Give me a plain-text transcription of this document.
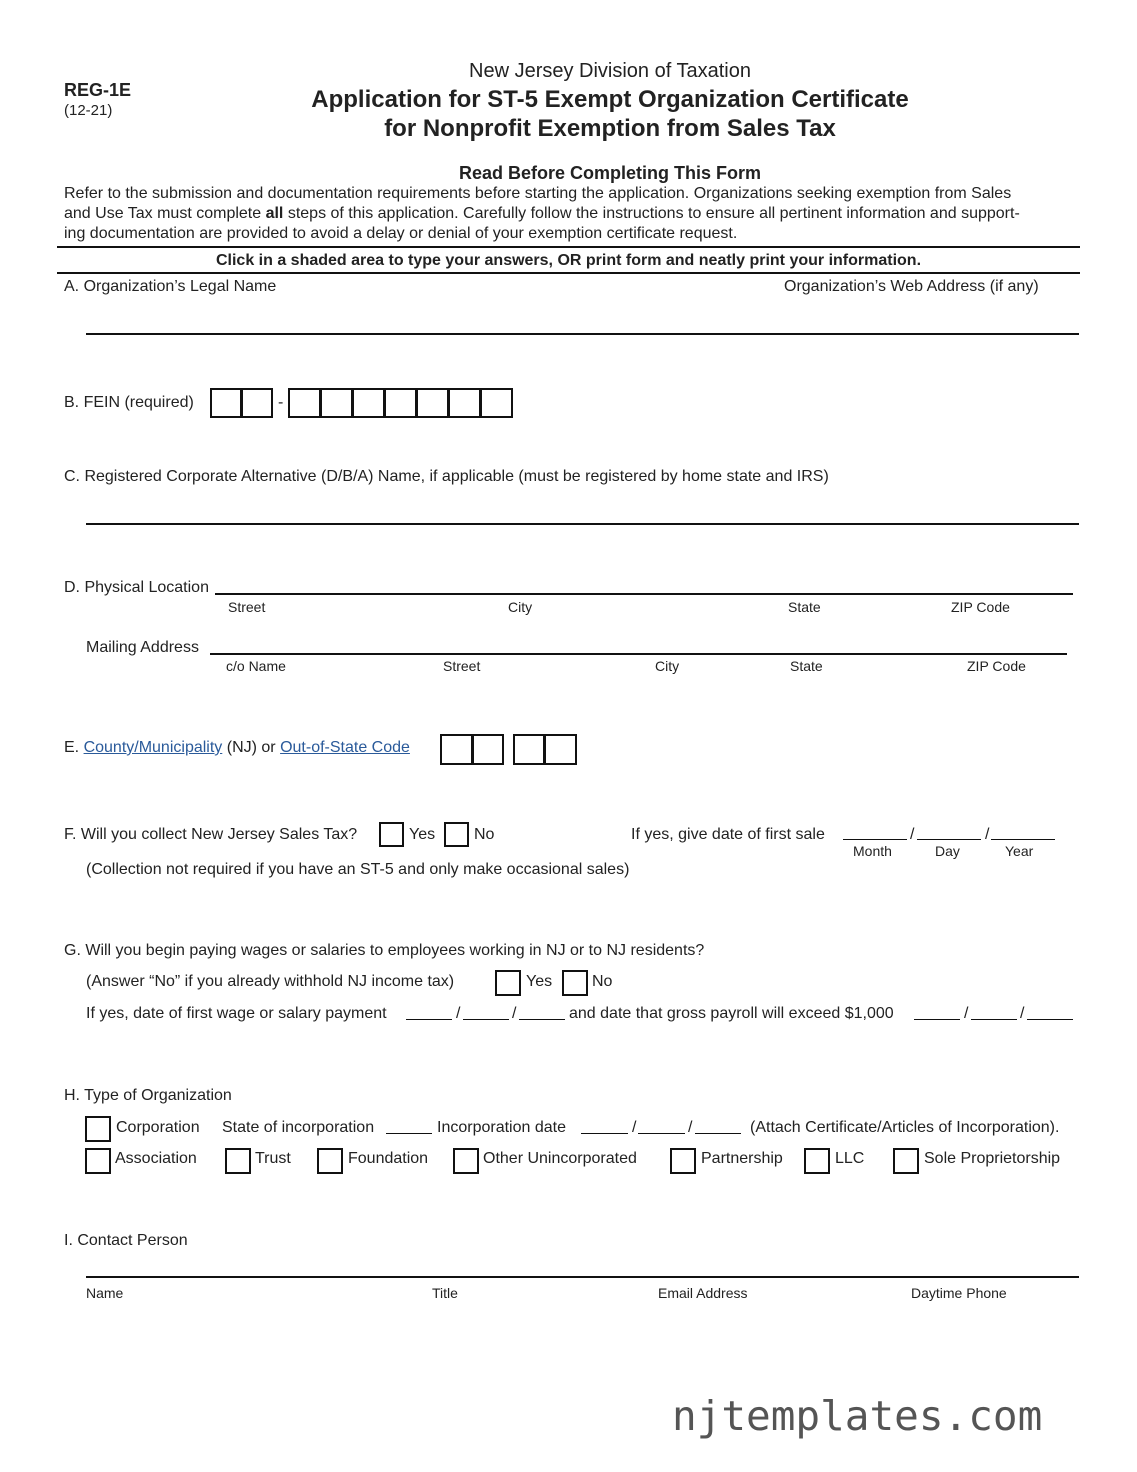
REG-1E
(12-21)
New Jersey Division of Taxation
Application for ST-5 Exempt Organization Certificate
for Nonprofit Exemption from Sales Tax
Read Before Completing This Form
Refer to the submission and documentation requirements before starting the application. Organizations seeking exemption from Sales
and Use Tax must complete all steps of this application. Carefully follow the instructions to ensure all pertinent information and support-
ing documentation are provided to avoid a delay or denial of your exemption certificate request.
Click in a shaded area to type your answers, OR print form and neatly print your information.
A. Organization’s Legal Name	Organization’s Web Address (if any)
B. FEIN (required)	-
C. Registered Corporate Alternative (D/B/A) Name, if applicable (must be registered by home state and IRS)
D. Physical Location
Street	City	State	ZIP Code
Mailing Address
c/o Name	Street	City	State	ZIP Code
E. County/Municipality (NJ) or Out-of-State Code
F. Will you collect New Jersey Sales Tax?	Yes No	If yes, give date of first sale	/	/
Month	Day	Year
(Collection not required if you have an ST-5 and only make occasional sales)
G. Will you begin paying wages or salaries to employees working in NJ or to NJ residents?
(Answer “No” if you already withhold NJ income tax)	Yes No
If yes, date of first wage or salary payment	/	/	and date that gross payroll will exceed $1,000	/	/
H. Type of Organization
Corporation State of incorporation	Incorporation date	/	/	(Attach Certificate/Articles of Incorporation).
Association	Trust	Foundation	Other Unincorporated	Partnership	LLC	Sole Proprietorship
I. Contact Person
Name	Title	Email Address	Daytime Phone
njtemplates.com
